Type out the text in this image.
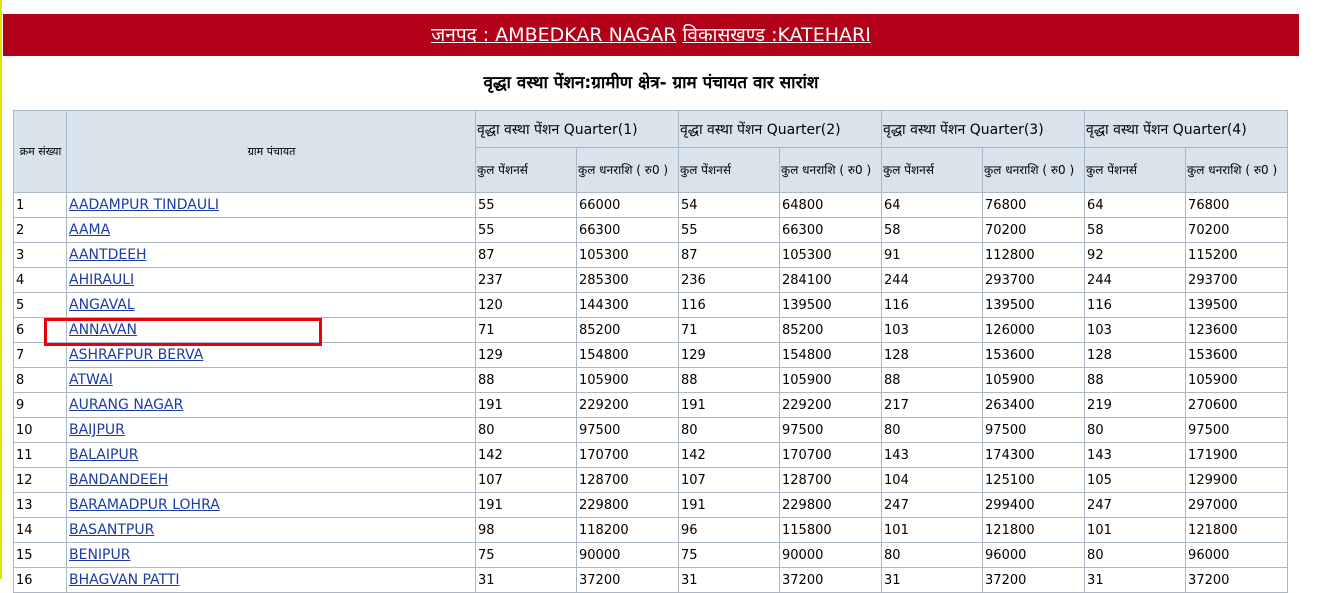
जनपद : AMBEDKAR NAGAR विकासखण्ड :KATEHARI
वृद्धा वस्था पेंशन:ग्रामीण क्षेत्र- ग्राम पंचायत वार सारांश
क्रम संख्या	ग्राम पंचायत	वृद्धा वस्था पेंशन Quarter(1)		वृद्धा वस्था पेंशन Quarter(2)		वृद्धा वस्था पेंशन Quarter(3)		वृद्धा वस्था पेंशन Quarter(4)	
		कुल पेंशनर्स	कुल धनराशि ( रु0 )	कुल पेंशनर्स	कुल धनराशि ( रु0 )	कुल पेंशनर्स	कुल धनराशि ( रु0 )	कुल पेंशनर्स	कुल धनराशि ( रु0 )
1	AADAMPUR TINDAULI	55	66000	54	64800	64	76800	64	76800
2	AAMA	55	66300	55	66300	58	70200	58	70200
3	AANTDEEH	87	105300	87	105300	91	112800	92	115200
4	AHIRAULI	237	285300	236	284100	244	293700	244	293700
5	ANGAVAL	120	144300	116	139500	116	139500	116	139500
6	ANNAVAN	71	85200	71	85200	103	126000	103	123600
7	ASHRAFPUR BERVA	129	154800	129	154800	128	153600	128	153600
8	ATWAI	88	105900	88	105900	88	105900	88	105900
9	AURANG NAGAR	191	229200	191	229200	217	263400	219	270600
10	BAIJPUR	80	97500	80	97500	80	97500	80	97500
11	BALAIPUR	142	170700	142	170700	143	174300	143	171900
12	BANDANDEEH	107	128700	107	128700	104	125100	105	129900
13	BARAMADPUR LOHRA	191	229800	191	229800	247	299400	247	297000
14	BASANTPUR	98	118200	96	115800	101	121800	101	121800
15	BENIPUR	75	90000	75	90000	80	96000	80	96000
16	BHAGVAN PATTI	31	37200	31	37200	31	37200	31	37200
